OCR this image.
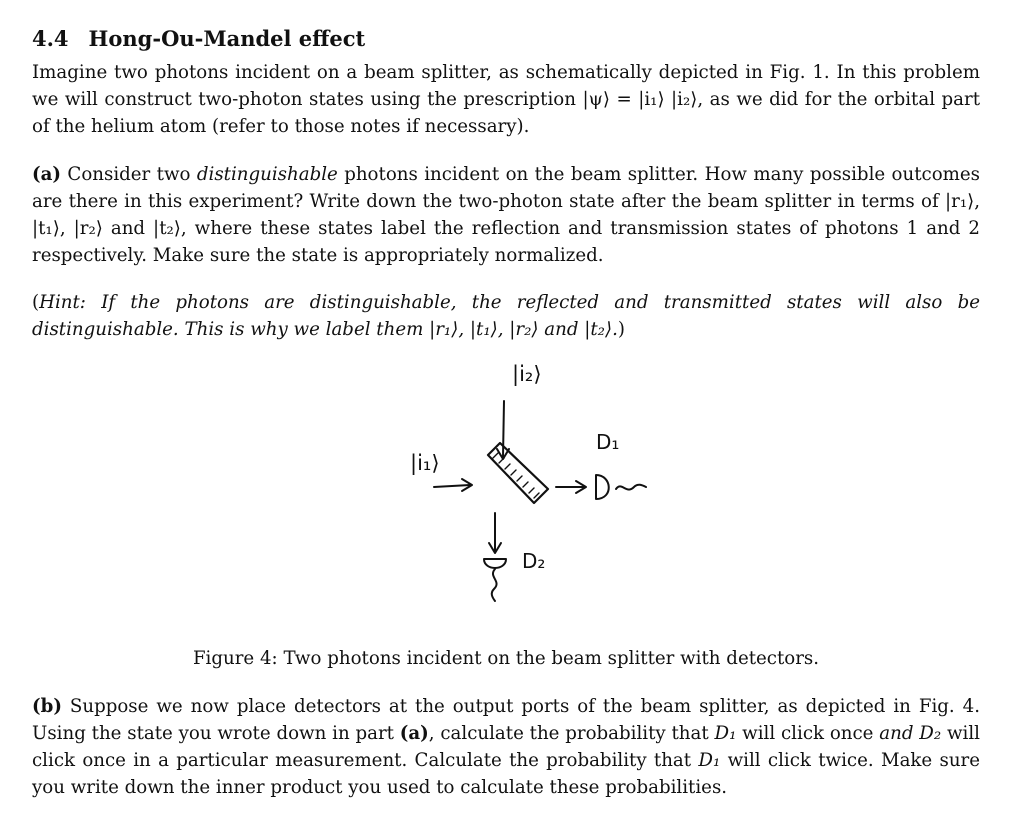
4.4 Hong-Ou-Mandel effect

Imagine two photons incident on a beam splitter, as schematically depicted in Fig. 1. In this problem we will construct two-photon states using the prescription |ψ⟩ = |i₁⟩ |i₂⟩, as we did for the orbital part of the helium atom (refer to those notes if necessary).

(a) Consider two distinguishable photons incident on the beam splitter. How many possible outcomes are there in this experiment? Write down the two-photon state after the beam splitter in terms of |r₁⟩, |t₁⟩, |r₂⟩ and |t₂⟩, where these states label the reflection and transmission states of photons 1 and 2 respectively. Make sure the state is appropriately normalized.

(Hint: If the photons are distinguishable, the reflected and transmitted states will also be distinguishable. This is why we label them |r₁⟩, |t₁⟩, |r₂⟩ and |t₂⟩.)

|i₂⟩
|i₁⟩
D₁
D₂

Figure 4: Two photons incident on the beam splitter with detectors.

(b) Suppose we now place detectors at the output ports of the beam splitter, as depicted in Fig. 4. Using the state you wrote down in part (a), calculate the probability that D₁ will click once and D₂ will click once in a particular measurement. Calculate the probability that D₁ will click twice. Make sure you write down the inner product you used to calculate these probabilities.
